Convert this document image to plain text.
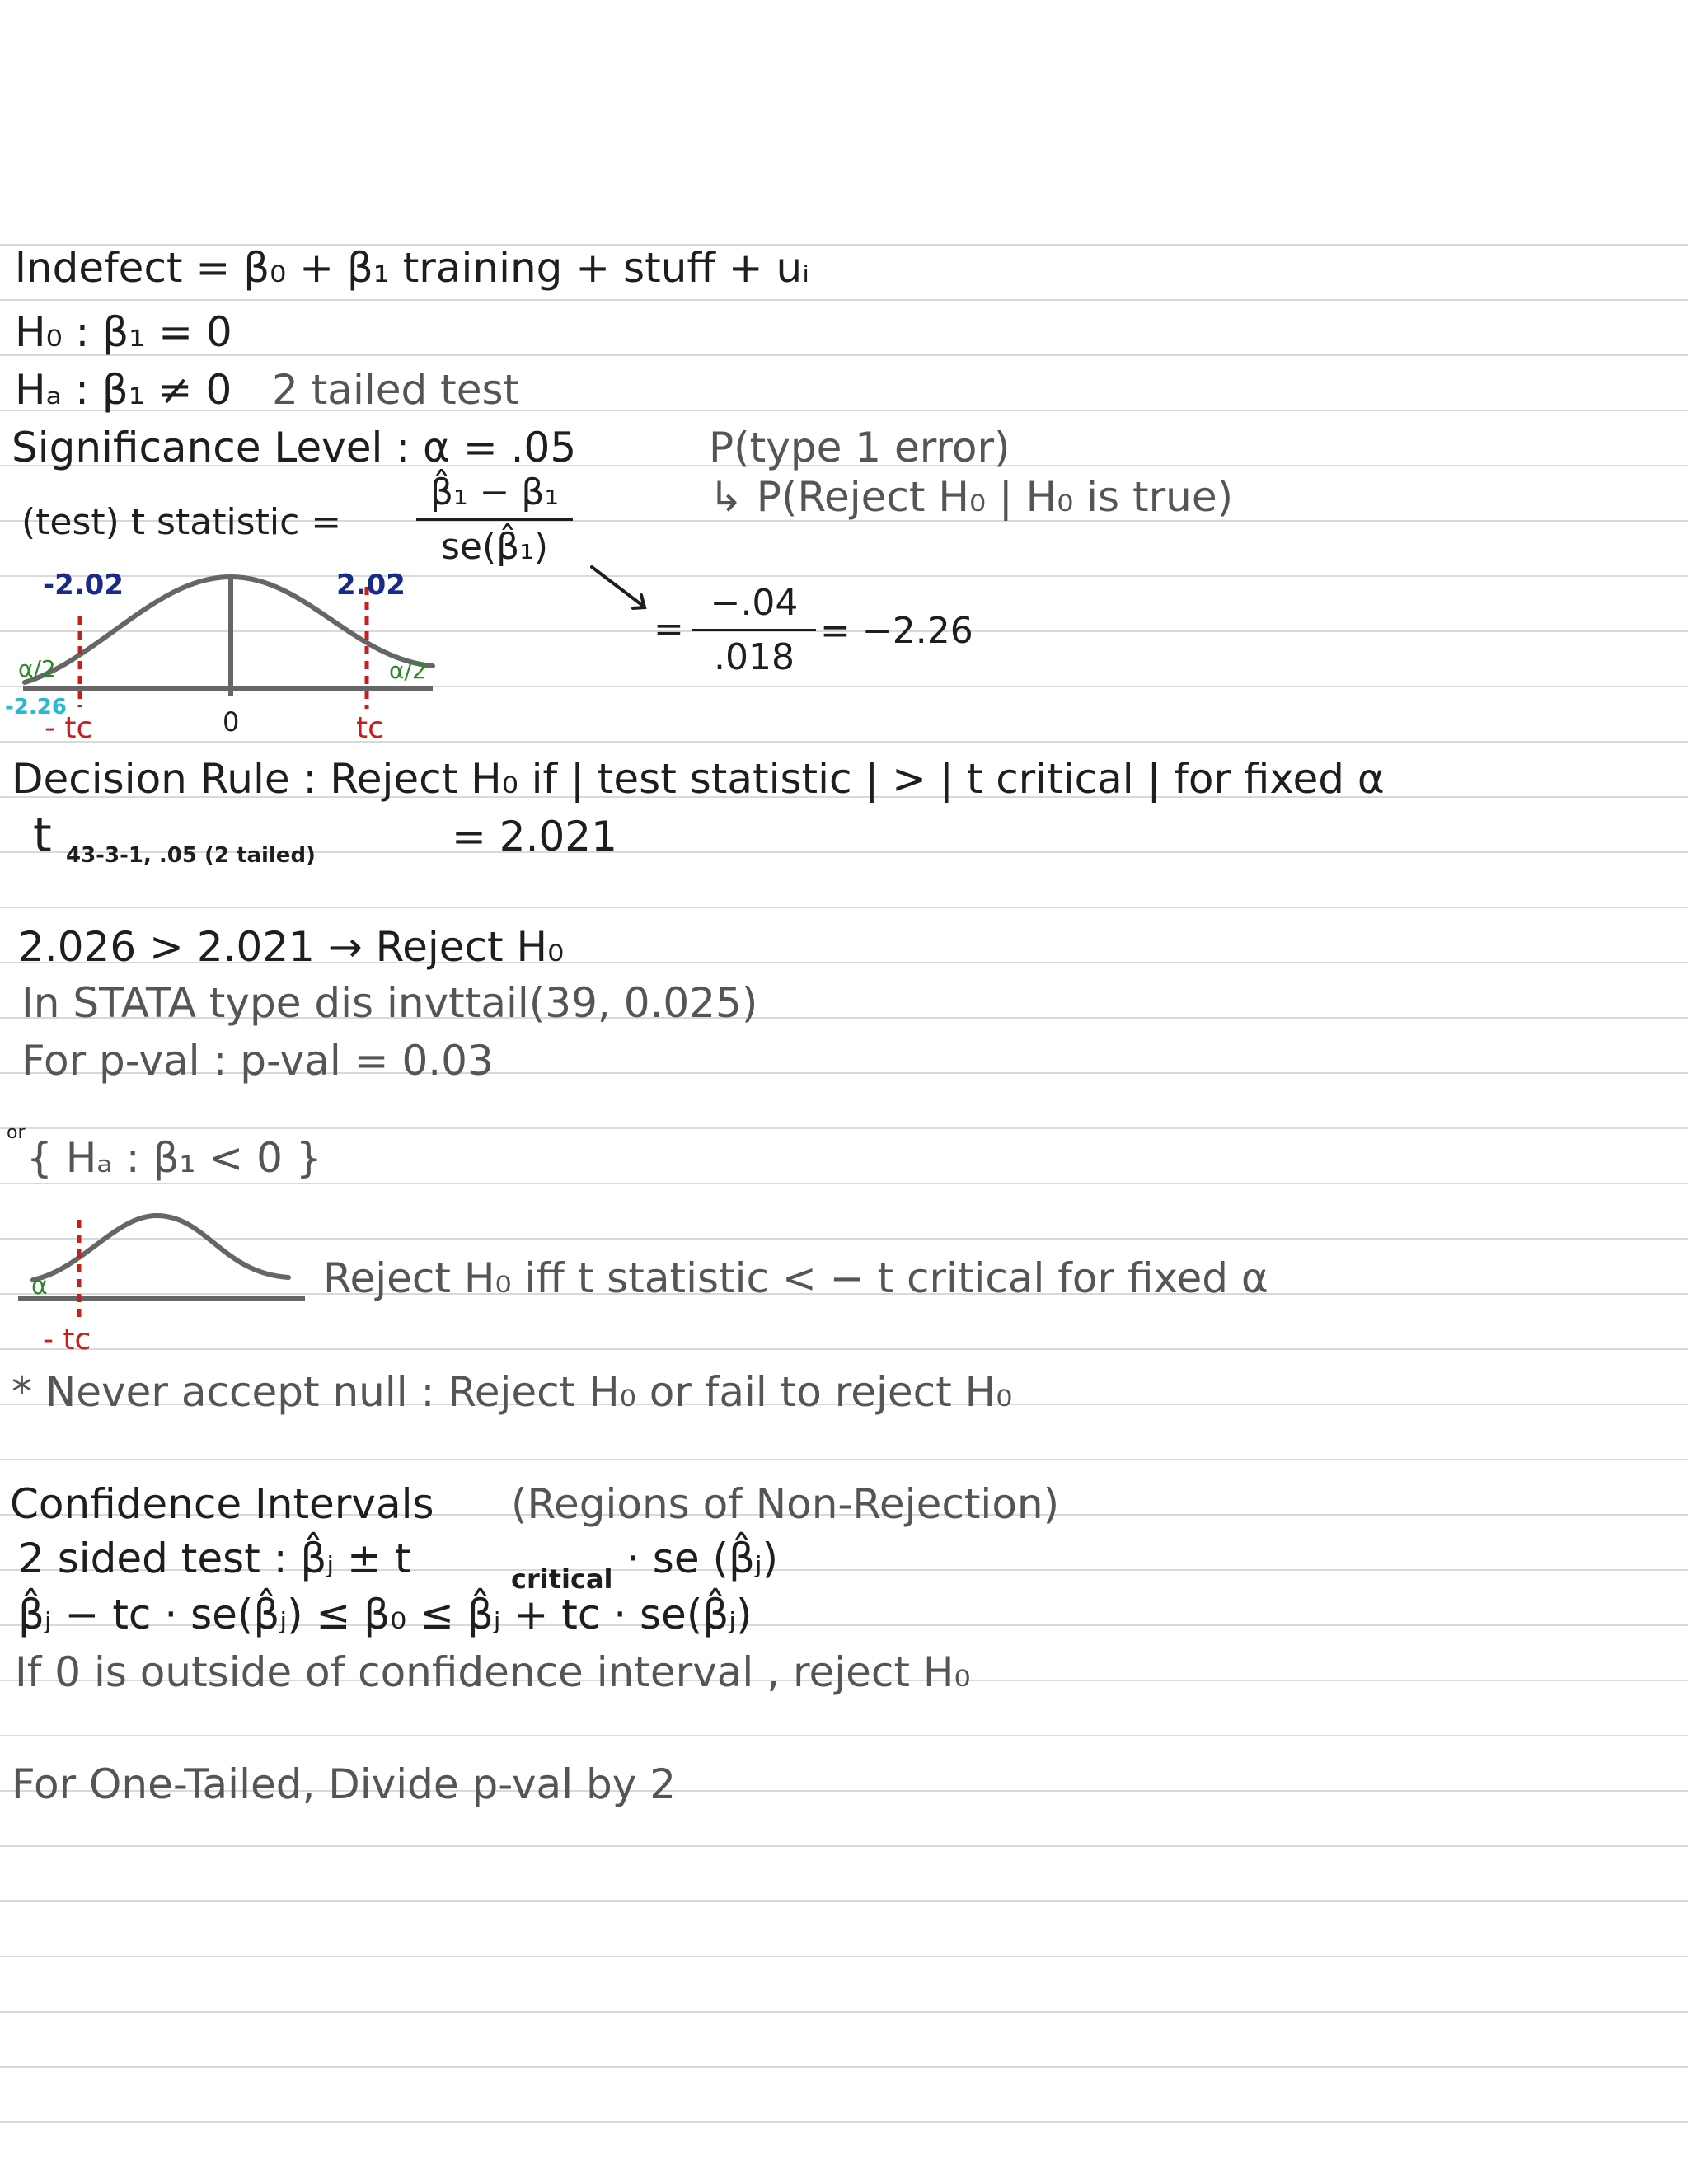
lndefect = β₀ + β₁ training + stuff + uᵢ
H₀ : β₁ = 0
Hₐ : β₁ ≠ 0 2 tailed test
Significance Level : α = .05	P(type 1 error)
↳ P(Reject H₀ | H₀ is true)
(test) t statistic =
β̂₁ − β₁
se(β̂₁)
=
−.04
.018
= −2.26
-2.02	2.02
α/2	α/2
-2.26
- tc	0	tc
Decision Rule : Reject H₀ if | test statistic | > | t critical | for fixed α
t 43-3-1, .05 (2 tailed)	= 2.021
2.026 > 2.021 → Reject H₀
In STATA type dis invttail(39, 0.025)
For p-val : p-val = 0.03
or
{ Hₐ : β₁ < 0 }
α
- tc
Reject H₀ iff t statistic < − t critical for fixed α
* Never accept null : Reject H₀ or fail to reject H₀
Confidence Intervals (Regions of Non-Rejection)
2 sided test : β̂ⱼ ± t	critical · se (β̂ⱼ)
β̂ⱼ − tc · se(β̂ⱼ) ≤ β₀ ≤ β̂ⱼ + tc · se(β̂ⱼ)
If 0 is outside of confidence interval , reject H₀
For One-Tailed, Divide p-val by 2
